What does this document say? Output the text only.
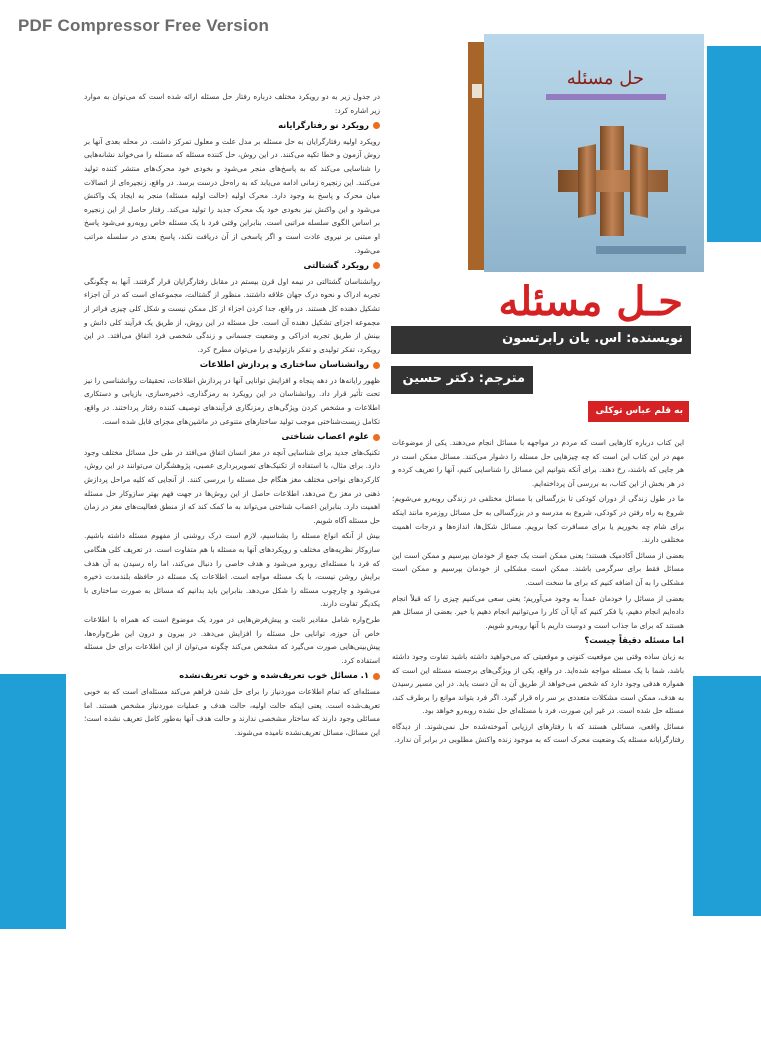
PDF Compressor Free Version
حل مسئله
حـل مسئله
نویسنده: اس. یان رابرتسون
مترجم: دکتر حسین زارع	به قلم عباس توکلی

در جدول زیر به دو رویکرد مختلف درباره رفتار حل مسئله ارائه شده است که می‌توان به موارد زیر اشاره کرد:

رویکرد نو رفتارگرایانه

رویکرد اولیه رفتارگرایان به حل مسئله بر مدل علت و معلول تمرکز داشت. در محله بعدی آنها بر روش آزمون و خطا تکیه می‌کنند. در این روش، حل کننده مسئله که مسئله را می‌خواند نشانه‌هایی را شناسایی می‌کند که به پاسخ‌های منجر می‌شود و بخودی خود محرک‌های منتشر کننده تولید می‌کنند. این زنجیره زمانی ادامه می‌یابد که به راه‌حل درست برسد. در واقع، زنجیره‌ای از اتصالات میان محرک و پاسخ به وجود دارد. محرک اولیه (حالت اولیه مسئله) منجر به ایجاد یک واکنش می‌شود و این واکنش نیز بخودی خود یک محرک جدید را تولید می‌کند. رفتار حاصل از این زنجیره بر اساس الگوی سلسله مراتبی است. بنابراین وقتی فرد با یک مسئله خاص روبه‌رو می‌شود پاسخ او مبتنی بر نیروی عادت است و اگر پاسخی از آن دریافت نکند، پاسخ بعدی در سلسله مراتب می‌شود.

رویکرد گشتالتی

روانشناسان گشتالتی در نیمه اول قرن بیستم در مقابل رفتارگرایان قرار گرفتند. آنها به چگونگی تجربه ادراک و نحوه درک جهان علاقه داشتند. منظور از گشتالت، مجموعه‌ای است که در آن اجزاء تشکیل دهنده کل هستند. در واقع، جدا کردن اجزاء از کل ممکن نیست و شکل کلی چیزی فراتر از مجموعه اجزای تشکیل دهنده آن است. حل مسئله در این روش، از طریق یک فرآیند کلی دانش و بینش از طریق تجربه ادراکی و وضعیت جسمانی و زندگی شخصی فرد اتفاق می‌افتد. در این رویکرد، تفکر تولیدی و تفکر بازتولیدی را می‌توان مطرح کرد.

روانشناسان ساختاری و پردازش اطلاعات

ظهور رایانه‌ها در دهه پنجاه و افزایش توانایی آنها در پردازش اطلاعات، تحقیقات روانشناسی را نیز تحت تأثیر قرار داد. روانشناسان در این رویکرد به رمزگذاری، ذخیره‌سازی، بازیابی و دستکاری اطلاعات و مشخص کردن ویژگی‌های رمزنگاری فرآیندهای توصیف کننده رفتار پرداختند. در واقع، تکامل زیست‌شناختی موجب تولید ساختارهای متنوعی در ماشین‌های مجزای قابل شده است.

علوم اعصاب شناختی

تکنیک‌های جدید برای شناسایی آنچه در مغز انسان اتفاق می‌افتد در طی حل مسائل مختلف وجود دارد. برای مثال، با استفاده از تکنیک‌های تصویربرداری عصبی، پژوهشگران می‌توانند در این روش، کارکردهای نواحی مختلف مغز هنگام حل مسئله را بررسی کنند. از آنجایی که کلیه مراحل پردازش ذهنی در مغز رخ می‌دهد، اطلاعات حاصل از این روش‌ها در جهت فهم بهتر سازوکار حل مسئله اهمیت دارد. بنابراین اعصاب شناختی می‌تواند به ما کمک کند که از منطق فعالیت‌های مغز در زمان حل مسئله آگاه شویم.

بیش از آنکه انواع مسئله را بشناسیم، لازم است درک روشنی از مفهوم مسئله داشته باشیم. سازوکار نظریه‌های مختلف و رویکردهای آنها به مسئله با هم متفاوت است. در تعریف کلی هنگامی که فرد با مسئله‌ای روبرو می‌شود و هدف خاصی را دنبال می‌کند، اما راه رسیدن به آن هدف برایش روشن نیست، با یک مسئله مواجه است. اطلاعات یک مسئله در حافظه بلندمدت ذخیره می‌شود و چارچوب مسئله را شکل می‌دهد. بنابراین باید بدانیم که مسائل به صورت ساختاری با یکدیگر تفاوت دارند.

طرح‌واره شامل مقادیر ثابت و پیش‌فرض‌هایی در مورد یک موضوع است که همراه با اطلاعات خاص آن حوزه، توانایی حل مسئله را افزایش می‌دهد. در بیرون و درون این طرح‌واره‌ها، پیش‌بینی‌هایی صورت می‌گیرد که مشخص می‌کند چگونه می‌توان از این اطلاعات برای حل مسئله استفاده کرد.

۱. مسائل خوب تعریف‌شده و خوب تعریف‌نشده

مسئله‌ای که تمام اطلاعات موردنیاز را برای حل شدن فراهم می‌کند مسئله‌ای است که به خوبی تعریف‌شده است. یعنی اینکه حالت اولیه، حالت هدف و عملیات موردنیاز مشخص هستند. اما مسائلی وجود دارند که ساختار مشخصی ندارند و حالت هدف آنها به‌طور کامل تعریف نشده است؛ این مسائل، مسائل تعریف‌نشده نامیده می‌شوند.

این کتاب درباره کارهایی است که مردم در مواجهه با مسائل انجام می‌دهند. یکی از موضوعات مهم در این کتاب این است که چه چیزهایی حل مسئله را دشوار می‌کنند. مسائل ممکن است در هر جایی که باشند، رخ دهند. برای آنکه بتوانیم این مسائل را شناسایی کنیم، آنها را تعریف کرده و در هر بخش از این کتاب، به بررسی آن پرداخته‌ایم.

ما در طول زندگی از دوران کودکی تا بزرگسالی با مسائل مختلفی در زندگی روبه‌رو می‌شویم؛ شروع به راه رفتن در کودکی، شروع به مدرسه و در بزرگسالی به حل مسائل روزمره مانند اینکه برای شام چه بخوریم یا برای مسافرت کجا برویم. مسائل شکل‌ها، اندازه‌ها و درجات اهمیت مختلفی دارند.

بعضی از مسائل آکادمیک هستند؛ یعنی ممکن است یک جمع از خودمان بپرسیم و ممکن است این مسائل فقط برای سرگرمی باشند. ممکن است مشکلی از خودمان بپرسیم و ممکن است مشکلی را به آن اضافه کنیم که برای ما سخت است.

بعضی از مسائل را خودمان عمداً به وجود می‌آوریم؛ یعنی سعی می‌کنیم چیزی را که قبلاً انجام داده‌ایم انجام دهیم، یا فکر کنیم که آیا آن کار را می‌توانیم انجام دهیم یا خیر. بعضی از مسائل هم هستند که برای ما جذاب است و دوست داریم با آنها روبه‌رو شویم.

اما مسئله دقیقاً چیست؟

به زبان ساده وقتی بین موقعیت کنونی و موقعیتی که می‌خواهید داشته باشید تفاوت وجود داشته باشد، شما با یک مسئله مواجه شده‌اید. در واقع، یکی از ویژگی‌های برجسته مسئله این است که همواره هدفی وجود دارد که شخص می‌خواهد از طریق آن به آن دست یابد. در این مسیر رسیدن به هدف، ممکن است مشکلات متعددی بر سر راه قرار گیرد. اگر فرد بتواند موانع را برطرف کند، مسئله حل شده است. در غیر این صورت، فرد با مسئله‌ای حل نشده روبه‌رو خواهد بود.

مسائل واقعی، مسائلی هستند که با رفتارهای ارزیابی آموخته‌شده حل نمی‌شوند. از دیدگاه رفتارگرایانه مسئله یک وضعیت محرک است که به موجود زنده واکنش مطلوبی در برابر آن ندارد.
